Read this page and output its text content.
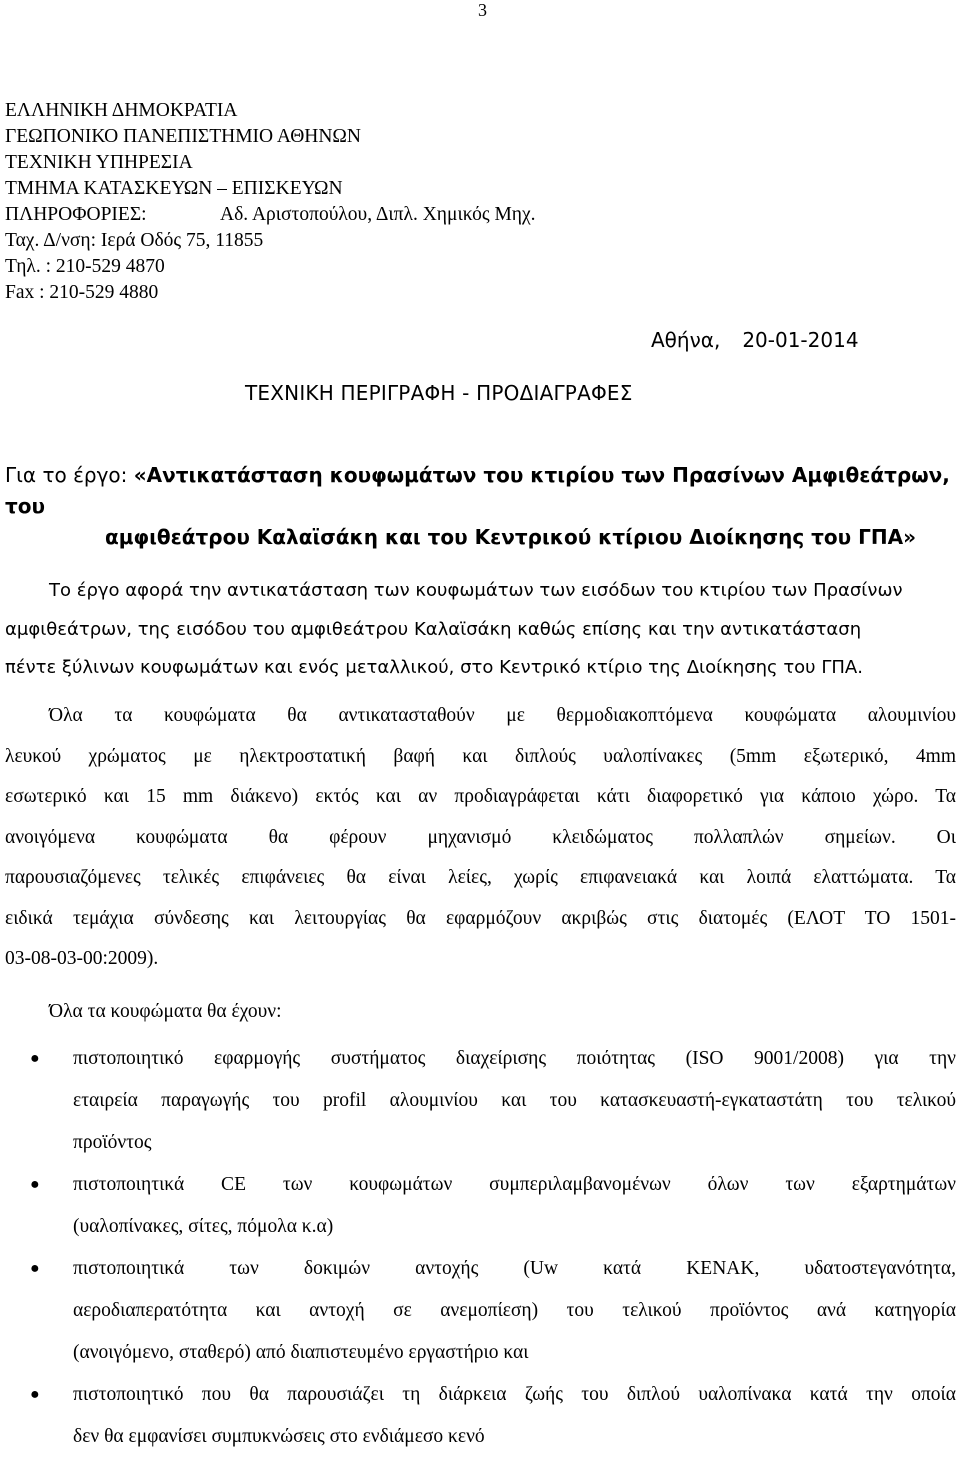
3
ΕΛΛΗΝΙΚΗ ΔΗΜΟΚΡΑΤΙΑ
ΓΕΩΠΟΝΙΚΟ ΠΑΝΕΠΙΣΤΗΜΙΟ ΑΘΗΝΩΝ
ΤΕΧΝΙΚΗ ΥΠΗΡΕΣΙΑ
ΤΜΗΜΑ ΚΑΤΑΣΚΕΥΩΝ – ΕΠΙΣΚΕΥΩΝ
ΠΛΗΡΟΦΟΡΙΕΣ:	Αδ. Αριστοπούλου, Διπλ. Χημικός Μηχ.
Ταχ. Δ/νση: Ιερά Οδός 75, 11855
Τηλ. : 210-529 4870
Fax : 210-529 4880
Αθήνα, 20-01-2014
ΤΕΧΝΙΚΗ ΠΕΡΙΓΡΑΦΗ - ΠΡΟΔΙΑΓΡΑΦΕΣ
Για το έργο: «Αντικατάσταση κουφωμάτων του κτιρίου των Πρασίνων Αμφιθεάτρων, του
αμφιθεάτρου Καλαϊσάκη και του Κεντρικού κτίριου Διοίκησης του ΓΠΑ»
Το έργο αφορά την αντικατάσταση των κουφωμάτων των εισόδων του κτιρίου των Πρασίνων
αμφιθεάτρων, της εισόδου του αμφιθεάτρου Καλαϊσάκη καθώς επίσης και την αντικατάσταση
πέντε ξύλινων κουφωμάτων και ενός μεταλλικού, στο Κεντρικό κτίριο της Διοίκησης του ΓΠΑ.
Όλα τα κουφώματα θα αντικατασταθούν με θερμοδιακοπτόμενα κουφώματα αλουμινίου
λευκού χρώματος με ηλεκτροστατική βαφή και διπλούς υαλοπίνακες (5mm εξωτερικό, 4mm
εσωτερικό και 15 mm διάκενο) εκτός και αν προδιαγράφεται κάτι διαφορετικό για κάποιο χώρο. Τα
ανοιγόμενα κουφώματα θα φέρουν μηχανισμό κλειδώματος πολλαπλών σημείων. Οι
παρουσιαζόμενες τελικές επιφάνειες θα είναι λείες, χωρίς επιφανειακά και λοιπά ελαττώματα. Τα
ειδικά τεμάχια σύνδεσης και λειτουργίας θα εφαρμόζουν ακριβώς στις διατομές (ΕΛΟΤ ΤΟ 1501-
03-08-03-00:2009).
Όλα τα κουφώματα θα έχουν:
● πιστοποιητικό εφαρμογής συστήματος διαχείρισης ποιότητας (ISO 9001/2008) για την
εταιρεία παραγωγής του profil αλουμινίου και του κατασκευαστή-εγκαταστάτη του τελικού
προϊόντος
● πιστοποιητικά CE των κουφωμάτων συμπεριλαμβανομένων όλων των εξαρτημάτων
(υαλοπίνακες, σίτες, πόμολα κ.α)
● πιστοποιητικά των δοκιμών αντοχής (Uw κατά ΚΕΝΑΚ, υδατοστεγανότητα,
αεροδιαπερατότητα και αντοχή σε ανεμοπίεση) του τελικού προϊόντος ανά κατηγορία
(ανοιγόμενο, σταθερό) από διαπιστευμένο εργαστήριο και
● πιστοποιητικό που θα παρουσιάζει τη διάρκεια ζωής του διπλού υαλοπίνακα κατά την οποία
δεν θα εμφανίσει συμπυκνώσεις στο ενδιάμεσο κενό
